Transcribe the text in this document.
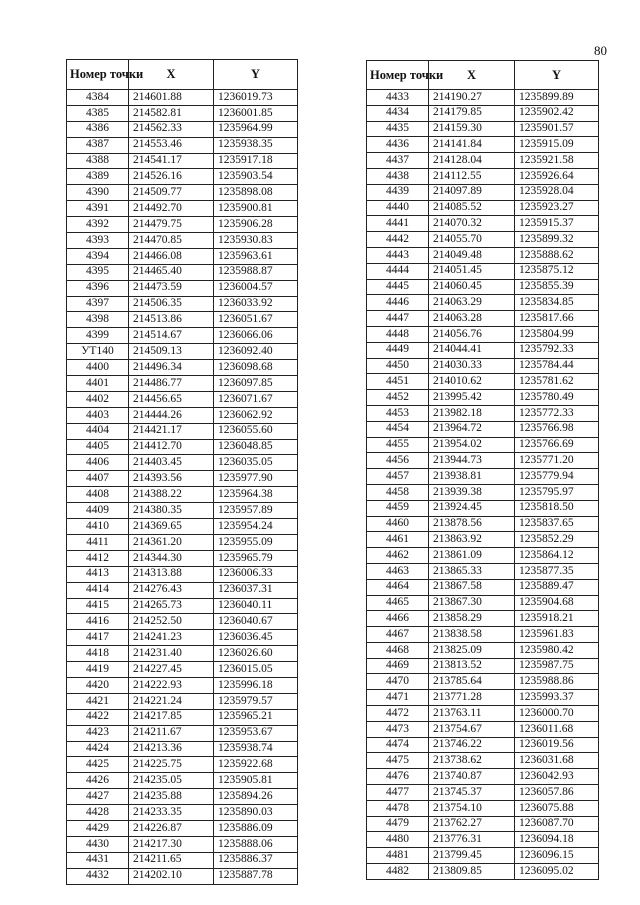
80
Номер точки	X	Y
4384	214601.88	1236019.73
4385	214582.81	1236001.85
4386	214562.33	1235964.99
4387	214553.46	1235938.35
4388	214541.17	1235917.18
4389	214526.16	1235903.54
4390	214509.77	1235898.08
4391	214492.70	1235900.81
4392	214479.75	1235906.28
4393	214470.85	1235930.83
4394	214466.08	1235963.61
4395	214465.40	1235988.87
4396	214473.59	1236004.57
4397	214506.35	1236033.92
4398	214513.86	1236051.67
4399	214514.67	1236066.06
УТ140	214509.13	1236092.40
4400	214496.34	1236098.68
4401	214486.77	1236097.85
4402	214456.65	1236071.67
4403	214444.26	1236062.92
4404	214421.17	1236055.60
4405	214412.70	1236048.85
4406	214403.45	1236035.05
4407	214393.56	1235977.90
4408	214388.22	1235964.38
4409	214380.35	1235957.89
4410	214369.65	1235954.24
4411	214361.20	1235955.09
4412	214344.30	1235965.79
4413	214313.88	1236006.33
4414	214276.43	1236037.31
4415	214265.73	1236040.11
4416	214252.50	1236040.67
4417	214241.23	1236036.45
4418	214231.40	1236026.60
4419	214227.45	1236015.05
4420	214222.93	1235996.18
4421	214221.24	1235979.57
4422	214217.85	1235965.21
4423	214211.67	1235953.67
4424	214213.36	1235938.74
4425	214225.75	1235922.68
4426	214235.05	1235905.81
4427	214235.88	1235894.26
4428	214233.35	1235890.03
4429	214226.87	1235886.09
4430	214217.30	1235888.06
4431	214211.65	1235886.37
4432	214202.10	1235887.78
Номер точки	X	Y
4433	214190.27	1235899.89
4434	214179.85	1235902.42
4435	214159.30	1235901.57
4436	214141.84	1235915.09
4437	214128.04	1235921.58
4438	214112.55	1235926.64
4439	214097.89	1235928.04
4440	214085.52	1235923.27
4441	214070.32	1235915.37
4442	214055.70	1235899.32
4443	214049.48	1235888.62
4444	214051.45	1235875.12
4445	214060.45	1235855.39
4446	214063.29	1235834.85
4447	214063.28	1235817.66
4448	214056.76	1235804.99
4449	214044.41	1235792.33
4450	214030.33	1235784.44
4451	214010.62	1235781.62
4452	213995.42	1235780.49
4453	213982.18	1235772.33
4454	213964.72	1235766.98
4455	213954.02	1235766.69
4456	213944.73	1235771.20
4457	213938.81	1235779.94
4458	213939.38	1235795.97
4459	213924.45	1235818.50
4460	213878.56	1235837.65
4461	213863.92	1235852.29
4462	213861.09	1235864.12
4463	213865.33	1235877.35
4464	213867.58	1235889.47
4465	213867.30	1235904.68
4466	213858.29	1235918.21
4467	213838.58	1235961.83
4468	213825.09	1235980.42
4469	213813.52	1235987.75
4470	213785.64	1235988.86
4471	213771.28	1235993.37
4472	213763.11	1236000.70
4473	213754.67	1236011.68
4474	213746.22	1236019.56
4475	213738.62	1236031.68
4476	213740.87	1236042.93
4477	213745.37	1236057.86
4478	213754.10	1236075.88
4479	213762.27	1236087.70
4480	213776.31	1236094.18
4481	213799.45	1236096.15
4482	213809.85	1236095.02
